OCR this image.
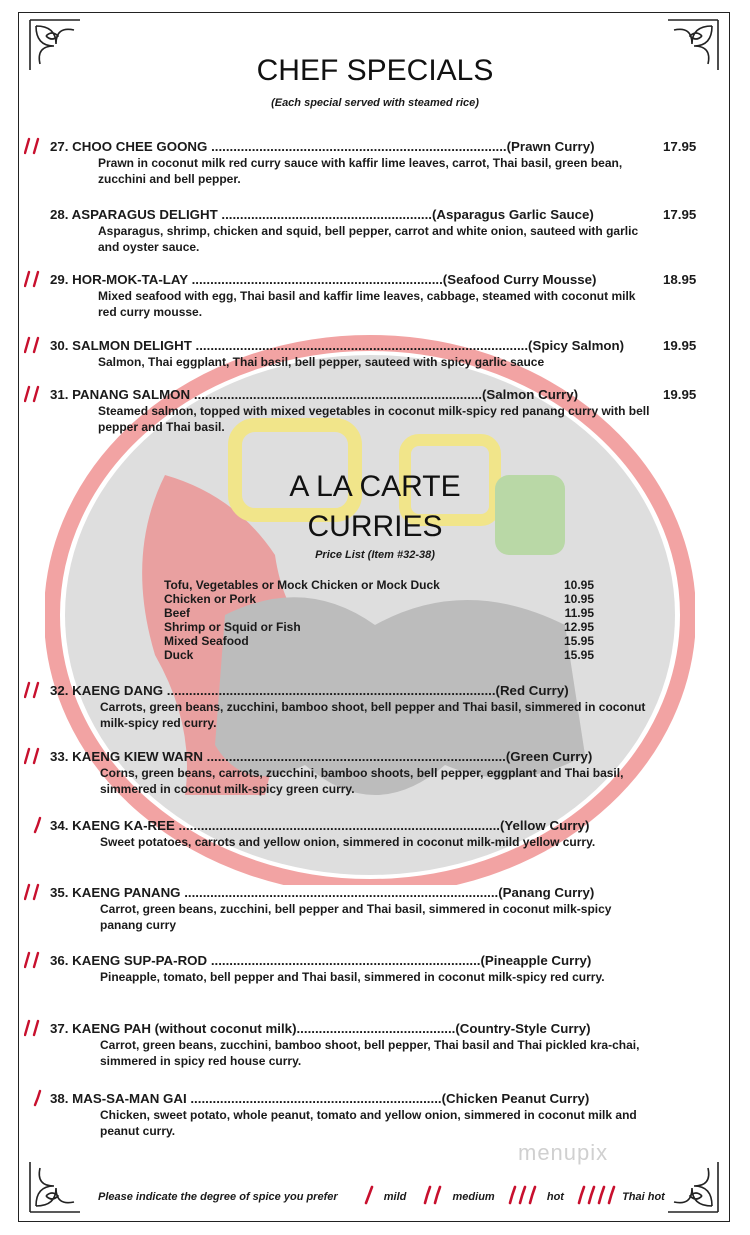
CHEF SPECIALS
(Each special served with steamed rice)
27. CHOO CHEE GOONG ................................................................................(Prawn Curry)	17.95
Prawn in coconut milk red curry sauce with kaffir lime leaves, carrot, Thai basil, green bean, zucchini and bell pepper.
28. ASPARAGUS DELIGHT .........................................................(Asparagus Garlic Sauce)	17.95
Asparagus, shrimp, chicken and squid, bell pepper, carrot and white onion, sauteed with garlic and oyster sauce.
29. HOR-MOK-TA-LAY ....................................................................(Seafood Curry Mousse)	18.95
Mixed seafood with egg, Thai basil and kaffir lime leaves, cabbage, steamed with coconut milk red curry mousse.
30. SALMON DELIGHT ..........................................................................................(Spicy Salmon)	19.95
Salmon, Thai eggplant, Thai basil, bell pepper, sauteed with spicy garlic sauce
31. PANANG SALMON ..............................................................................(Salmon Curry)	19.95
Steamed salmon, topped with mixed vegetables in coconut milk-spicy red panang curry with bell pepper and Thai basil.
A LA CARTE
CURRIES
Price List (Item #32-38)
Tofu, Vegetables or Mock Chicken or Mock Duck	10.95
Chicken or Pork	10.95
Beef	11.95
Shrimp or Squid or Fish	12.95
Mixed Seafood	15.95
Duck	15.95
32. KAENG DANG .........................................................................................(Red Curry)
Carrots, green beans, zucchini, bamboo shoot, bell pepper and Thai basil, simmered in coconut milk-spicy red curry.
33. KAENG KIEW WARN .................................................................................(Green Curry)
Corns, green beans, carrots, zucchini, bamboo shoots, bell pepper, eggplant and Thai basil, simmered in coconut milk-spicy green curry.
34. KAENG KA-REE .......................................................................................(Yellow Curry)
Sweet potatoes, carrots and yellow onion, simmered in coconut milk-mild yellow curry.
35. KAENG PANANG .....................................................................................(Panang Curry)
Carrot, green beans, zucchini, bell pepper and Thai basil, simmered in coconut milk-spicy panang curry
36. KAENG SUP-PA-ROD .........................................................................(Pineapple Curry)
Pineapple, tomato, bell pepper and Thai basil, simmered in coconut milk-spicy red curry.
37. KAENG PAH (without coconut milk)...........................................(Country-Style Curry)
Carrot, green beans, zucchini, bamboo shoot, bell pepper, Thai basil and Thai pickled kra-chai, simmered in spicy red house curry.
38. MAS-SA-MAN GAI ....................................................................(Chicken Peanut Curry)
Chicken, sweet potato, whole peanut, tomato and yellow onion, simmered in coconut milk and peanut curry.
menupix
Please indicate the degree of spice you prefer	mild	medium	hot	Thai hot
